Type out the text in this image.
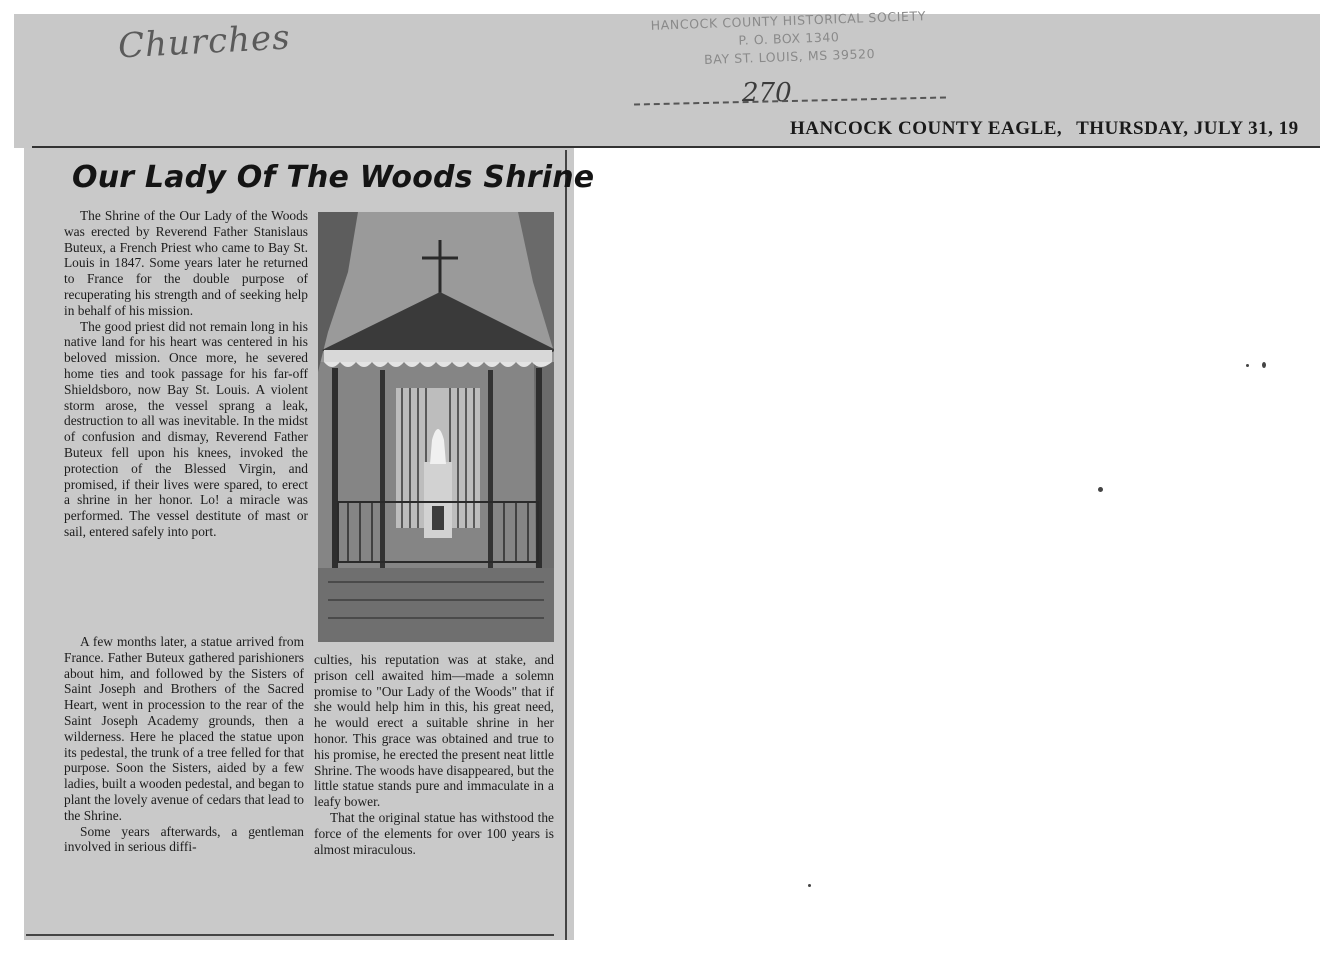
Churches	HANCOCK COUNTY HISTORICAL SOCIETY
P. O. BOX 1340
BAY ST. LOUIS, MS 39520
270
HANCOCK COUNTY EAGLE, THURSDAY, JULY 31, 19
Our Lady Of The Woods Shrine

The Shrine of the Our Lady of the Woods was erected by Reverend Father Stanislaus Buteux, a French Priest who came to Bay St. Louis in 1847. Some years later he returned to France for the double purpose of recuperating his strength and of seeking help in behalf of his mission.

The good priest did not remain long in his native land for his heart was centered in his beloved mission. Once more, he severed home ties and took passage for his far-off Shieldsboro, now Bay St. Louis. A violent storm arose, the vessel sprang a leak, destruction to all was inevitable. In the midst of confusion and dismay, Reverend Father Buteux fell upon his knees, invoked the protection of the Blessed Virgin, and promised, if their lives were spared, to erect a shrine in her honor. Lo! a miracle was performed. The vessel destitute of mast or sail, entered safely into port.

A few months later, a statue arrived from France. Father Buteux gathered parishioners about him, and followed by the Sisters of Saint Joseph and Brothers of the Sacred Heart, went in procession to the rear of the Saint Joseph Academy grounds, then a wilderness. Here he placed the statue upon its pedestal, the trunk of a tree felled for that purpose. Soon the Sisters, aided by a few ladies, built a wooden pedestal, and began to plant the lovely avenue of cedars that lead to the Shrine.

Some years afterwards, a gentleman involved in serious diffi-

culties, his reputation was at stake, and prison cell awaited him—made a solemn promise to "Our Lady of the Woods" that if she would help him in this, his great need, he would erect a suitable shrine in her honor. This grace was obtained and true to his promise, he erected the present neat little Shrine. The woods have disappeared, but the little statue stands pure and immaculate in a leafy bower.

That the original statue has withstood the force of the elements for over 100 years is almost miraculous.
